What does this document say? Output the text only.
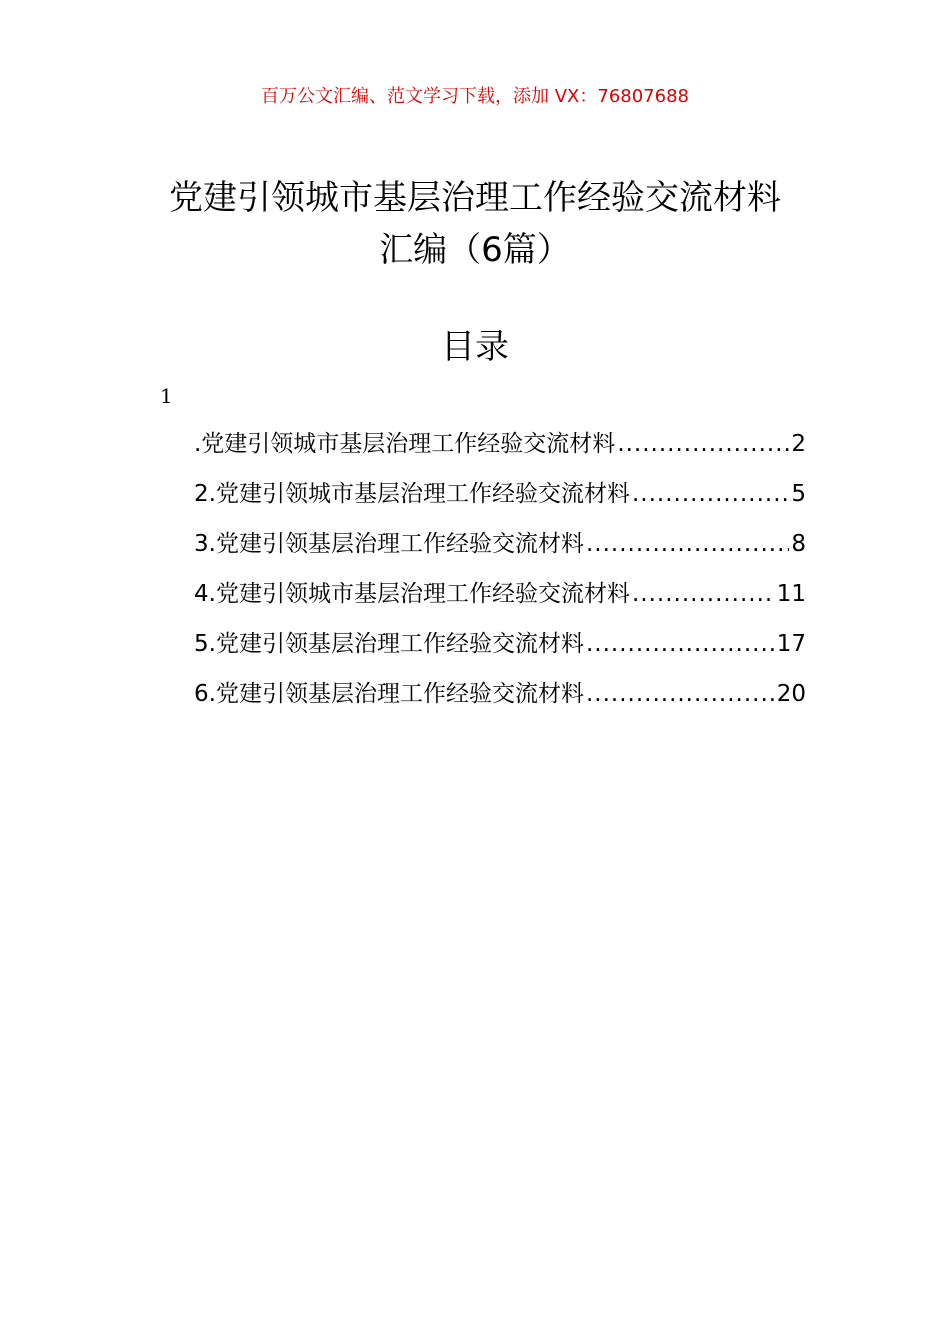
百万公文汇编、范文学习下载，添加 VX：76807688
党建引领城市基层治理工作经验交流材料
汇编（6篇）
目录
1
.党建引领城市基层治理工作经验交流材料 .....	2
2.党建引领城市基层治理工作经验交流材料 .....	5
3.党建引领基层治理工作经验交流材料 .....	8
4.党建引领城市基层治理工作经验交流材料 .....	11
5.党建引领基层治理工作经验交流材料 .....	17
6.党建引领基层治理工作经验交流材料 .....	20
